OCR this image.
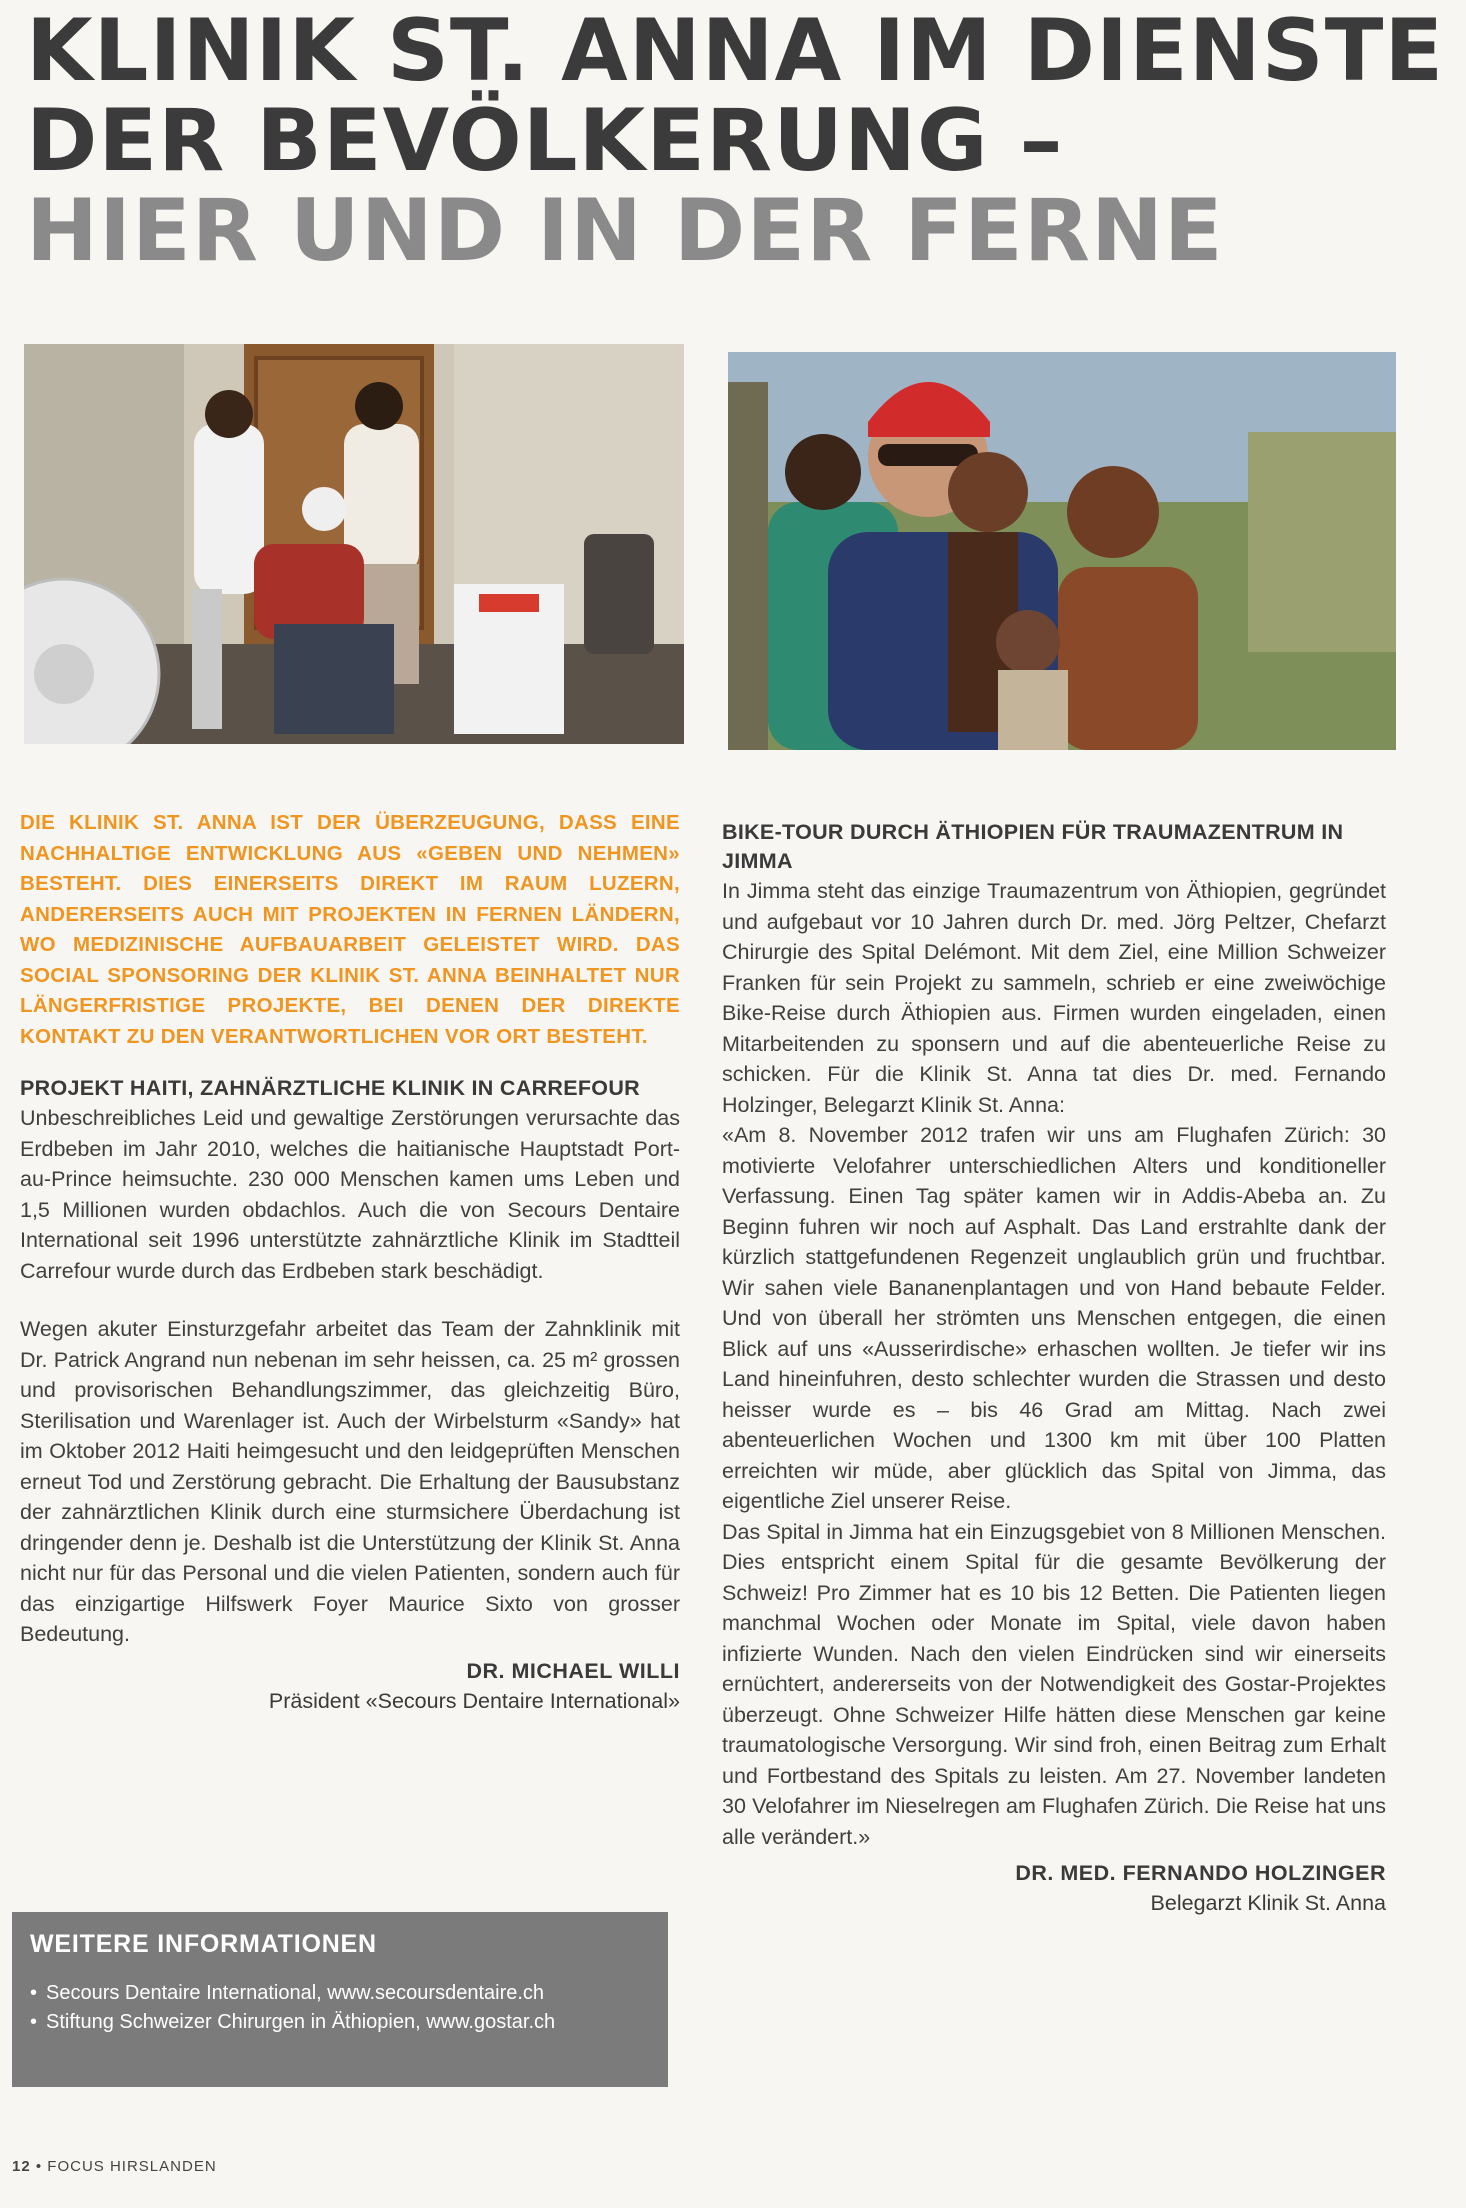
KLINIK ST. ANNA IM DIENSTE
DER BEVÖLKERUNG –
HIER UND IN DER FERNE

DIE KLINIK ST. ANNA IST DER ÜBERZEUGUNG, DASS EINE NACHHALTIGE ENTWICKLUNG AUS «GEBEN UND NEHMEN» BESTEHT. DIES EINERSEITS DIREKT IM RAUM LUZERN, ANDERERSEITS AUCH MIT PROJEKTEN IN FERNEN LÄNDERN, WO MEDIZINISCHE AUFBAUARBEIT GELEISTET WIRD. DAS SOCIAL SPONSORING DER KLINIK ST. ANNA BEINHALTET NUR LÄNGERFRISTIGE PROJEKTE, BEI DENEN DER DIREKTE KONTAKT ZU DEN VERANTWORTLICHEN VOR ORT BESTEHT.

PROJEKT HAITI, ZAHNÄRZTLICHE KLINIK IN CARREFOUR

Unbeschreibliches Leid und gewaltige Zerstörungen verursachte das Erdbeben im Jahr 2010, welches die haitianische Hauptstadt Port-au-Prince heimsuchte. 230 000 Menschen kamen ums Leben und 1,5 Millionen wurden obdachlos. Auch die von Secours Dentaire International seit 1996 unterstützte zahnärztliche Klinik im Stadtteil Carrefour wurde durch das Erdbeben stark beschädigt.

Wegen akuter Einsturzgefahr arbeitet das Team der Zahnklinik mit Dr. Patrick Angrand nun nebenan im sehr heissen, ca. 25 m² grossen und provisorischen Behandlungszimmer, das gleichzeitig Büro, Sterilisation und Warenlager ist. Auch der Wirbelsturm «Sandy» hat im Oktober 2012 Haiti heimgesucht und den leidgeprüften Menschen erneut Tod und Zerstörung gebracht. Die Erhaltung der Bausubstanz der zahnärztlichen Klinik durch eine sturmsichere Überdachung ist dringender denn je. Deshalb ist die Unterstützung der Klinik St. Anna nicht nur für das Personal und die vielen Patienten, sondern auch für das einzigartige Hilfswerk Foyer Maurice Sixto von grosser Bedeutung.

DR. MICHAEL WILLI

Präsident «Secours Dentaire International»

WEITERE INFORMATIONEN
• Secours Dentaire International, www.secoursdentaire.ch
• Stiftung Schweizer Chirurgen in Äthiopien, www.gostar.ch

BIKE-TOUR DURCH ÄTHIOPIEN FÜR TRAUMAZENTRUM IN JIMMA

In Jimma steht das einzige Traumazentrum von Äthiopien, gegründet und aufgebaut vor 10 Jahren durch Dr. med. Jörg Peltzer, Chefarzt Chirurgie des Spital Delémont. Mit dem Ziel, eine Million Schweizer Franken für sein Projekt zu sammeln, schrieb er eine zweiwöchige Bike-Reise durch Äthiopien aus. Firmen wurden eingeladen, einen Mitarbeitenden zu sponsern und auf die abenteuerliche Reise zu schicken. Für die Klinik St. Anna tat dies Dr. med. Fernando Holzinger, Belegarzt Klinik St. Anna:

«Am 8. November 2012 trafen wir uns am Flughafen Zürich: 30 motivierte Velofahrer unterschiedlichen Alters und konditioneller Verfassung. Einen Tag später kamen wir in Addis-Abeba an. Zu Beginn fuhren wir noch auf Asphalt. Das Land erstrahlte dank der kürzlich stattgefundenen Regenzeit unglaublich grün und fruchtbar. Wir sahen viele Bananenplantagen und von Hand bebaute Felder. Und von überall her strömten uns Menschen entgegen, die einen Blick auf uns «Ausserirdische» erhaschen wollten. Je tiefer wir ins Land hineinfuhren, desto schlechter wurden die Strassen und desto heisser wurde es – bis 46 Grad am Mittag. Nach zwei abenteuerlichen Wochen und 1300 km mit über 100 Platten erreichten wir müde, aber glücklich das Spital von Jimma, das eigentliche Ziel unserer Reise.

Das Spital in Jimma hat ein Einzugsgebiet von 8 Millionen Menschen. Dies entspricht einem Spital für die gesamte Bevölkerung der Schweiz! Pro Zimmer hat es 10 bis 12 Betten. Die Patienten liegen manchmal Wochen oder Monate im Spital, viele davon haben infizierte Wunden. Nach den vielen Eindrücken sind wir einerseits ernüchtert, andererseits von der Notwendigkeit des Gostar-Projektes überzeugt. Ohne Schweizer Hilfe hätten diese Menschen gar keine traumatologische Versorgung. Wir sind froh, einen Beitrag zum Erhalt und Fortbestand des Spitals zu leisten. Am 27. November landeten 30 Velofahrer im Nieselregen am Flughafen Zürich. Die Reise hat uns alle verändert.»

DR. MED. FERNANDO HOLZINGER

Belegarzt Klinik St. Anna

12 • FOCUS HIRSLANDEN
